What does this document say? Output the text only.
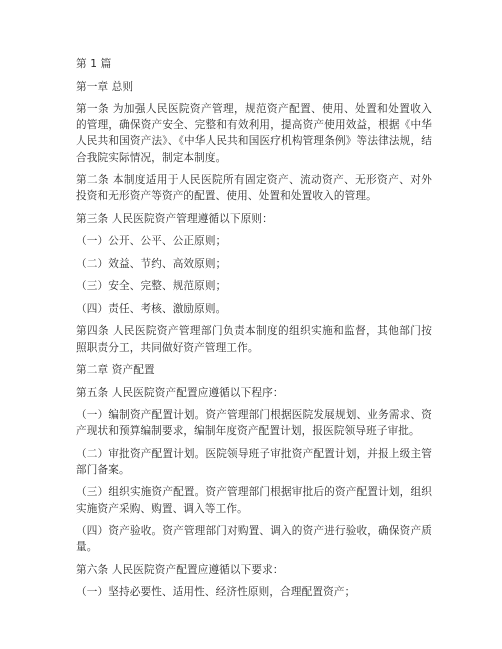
第 1 篇

第一章 总则

第一条 为加强人民医院资产管理，规范资产配置、使用、处置和处置收入的管理，确保资产安全、完整和有效利用，提高资产使用效益，根据《中华人民共和国资产法》、《中华人民共和国医疗机构管理条例》等法律法规，结合我院实际情况，制定本制度。

第二条 本制度适用于人民医院所有固定资产、流动资产、无形资产、对外投资和无形资产等资产的配置、使用、处置和处置收入的管理。

第三条 人民医院资产管理遵循以下原则：

（一）公开、公平、公正原则；

（二）效益、节约、高效原则；

（三）安全、完整、规范原则；

（四）责任、考核、激励原则。

第四条 人民医院资产管理部门负责本制度的组织实施和监督，其他部门按照职责分工，共同做好资产管理工作。

第二章 资产配置

第五条 人民医院资产配置应遵循以下程序：

（一）编制资产配置计划。资产管理部门根据医院发展规划、业务需求、资产现状和预算编制要求，编制年度资产配置计划，报医院领导班子审批。

（二）审批资产配置计划。医院领导班子审批资产配置计划，并报上级主管部门备案。

（三）组织实施资产配置。资产管理部门根据审批后的资产配置计划，组织实施资产采购、购置、调入等工作。

（四）资产验收。资产管理部门对购置、调入的资产进行验收，确保资产质量。

第六条 人民医院资产配置应遵循以下要求：

（一）坚持必要性、适用性、经济性原则，合理配置资产；
